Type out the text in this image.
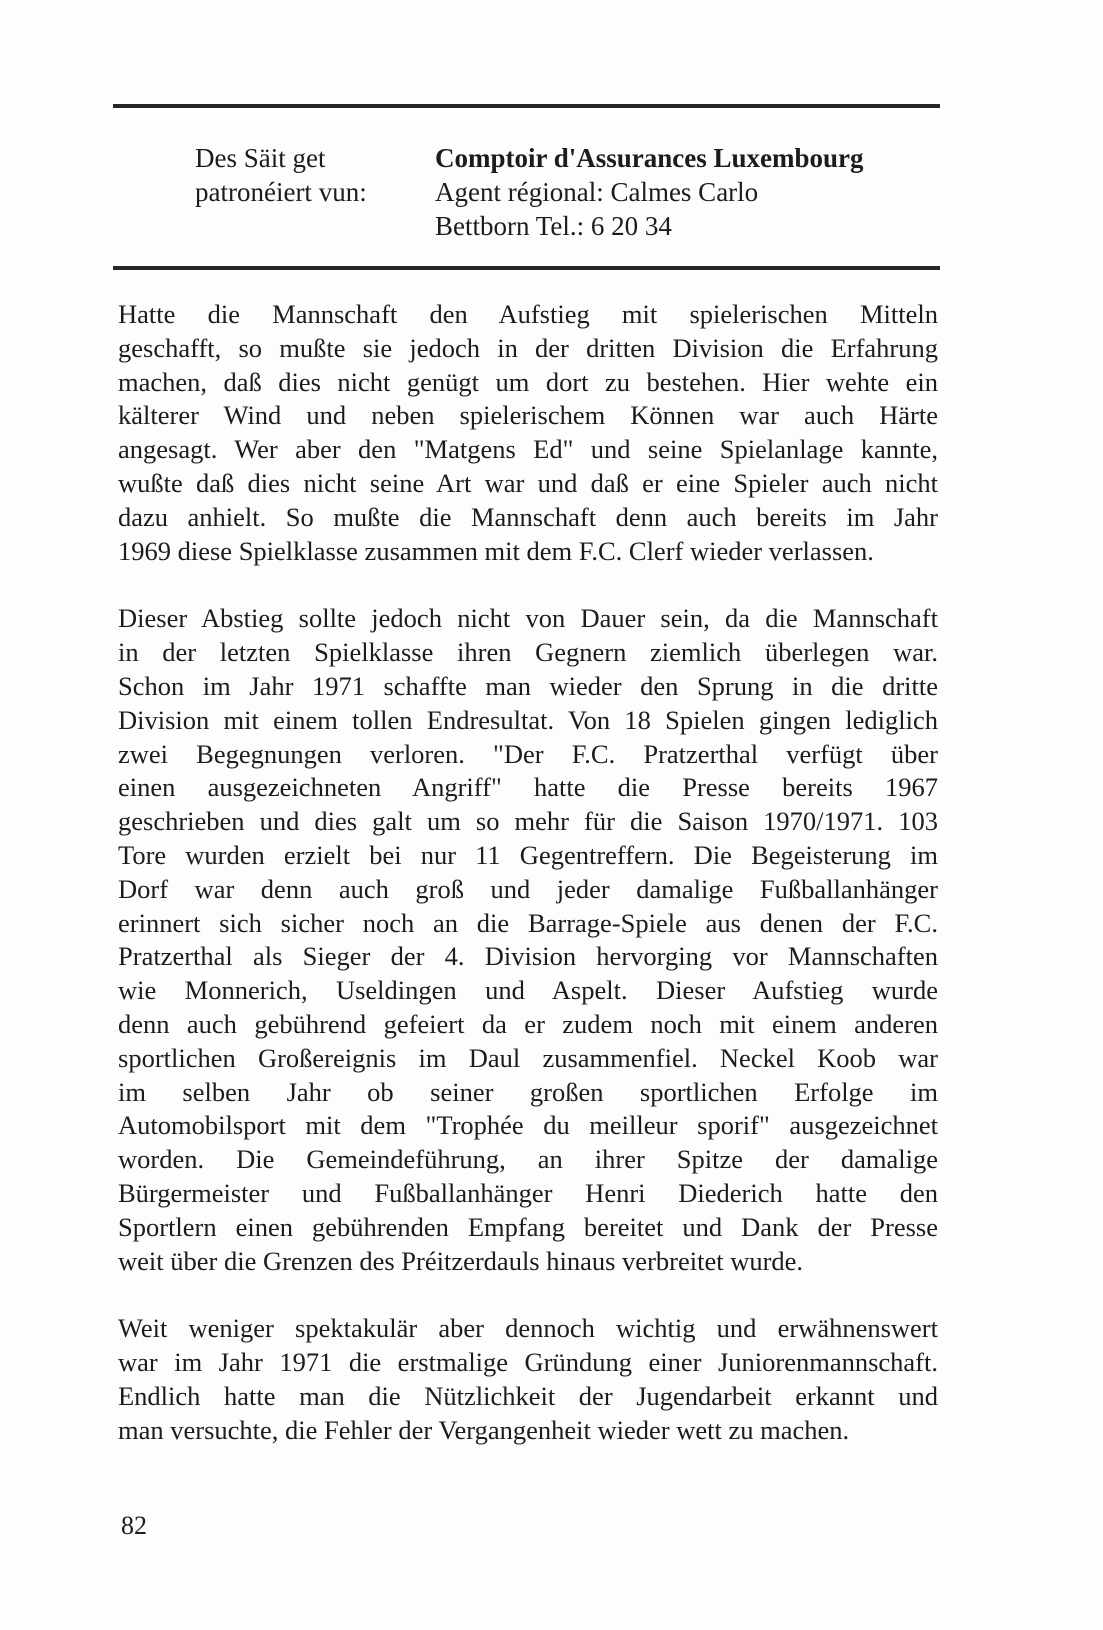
Des Säit get
patronéiert vun:
Comptoir d'Assurances Luxembourg
Agent régional: Calmes Carlo
Bettborn Tel.: 6 20 34

Hatte die Mannschaft den Aufstieg mit spielerischen Mitteln
geschafft, so mußte sie jedoch in der dritten Division die Erfahrung
machen, daß dies nicht genügt um dort zu bestehen. Hier wehte ein
kälterer Wind und neben spielerischem Können war auch Härte
angesagt. Wer aber den "Matgens Ed" und seine Spielanlage kannte,
wußte daß dies nicht seine Art war und daß er eine Spieler auch nicht
dazu anhielt. So mußte die Mannschaft denn auch bereits im Jahr
1969 diese Spielklasse zusammen mit dem F.C. Clerf wieder verlassen.

Dieser Abstieg sollte jedoch nicht von Dauer sein, da die Mannschaft
in der letzten Spielklasse ihren Gegnern ziemlich überlegen war.
Schon im Jahr 1971 schaffte man wieder den Sprung in die dritte
Division mit einem tollen Endresultat. Von 18 Spielen gingen lediglich
zwei Begegnungen verloren. "Der F.C. Pratzerthal verfügt über
einen ausgezeichneten Angriff" hatte die Presse bereits 1967
geschrieben und dies galt um so mehr für die Saison 1970/1971. 103
Tore wurden erzielt bei nur 11 Gegentreffern. Die Begeisterung im
Dorf war denn auch groß und jeder damalige Fußballanhänger
erinnert sich sicher noch an die Barrage-Spiele aus denen der F.C.
Pratzerthal als Sieger der 4. Division hervorging vor Mannschaften
wie Monnerich, Useldingen und Aspelt. Dieser Aufstieg wurde
denn auch gebührend gefeiert da er zudem noch mit einem anderen
sportlichen Großereignis im Daul zusammenfiel. Neckel Koob war
im selben Jahr ob seiner großen sportlichen Erfolge im
Automobilsport mit dem "Trophée du meilleur sporif" ausgezeichnet
worden. Die Gemeindeführung, an ihrer Spitze der damalige
Bürgermeister und Fußballanhänger Henri Diederich hatte den
Sportlern einen gebührenden Empfang bereitet und Dank der Presse
weit über die Grenzen des Préitzerdauls hinaus verbreitet wurde.

Weit weniger spektakulär aber dennoch wichtig und erwähnenswert
war im Jahr 1971 die erstmalige Gründung einer Juniorenmannschaft.
Endlich hatte man die Nützlichkeit der Jugendarbeit erkannt und
man versuchte, die Fehler der Vergangenheit wieder wett zu machen.

82
